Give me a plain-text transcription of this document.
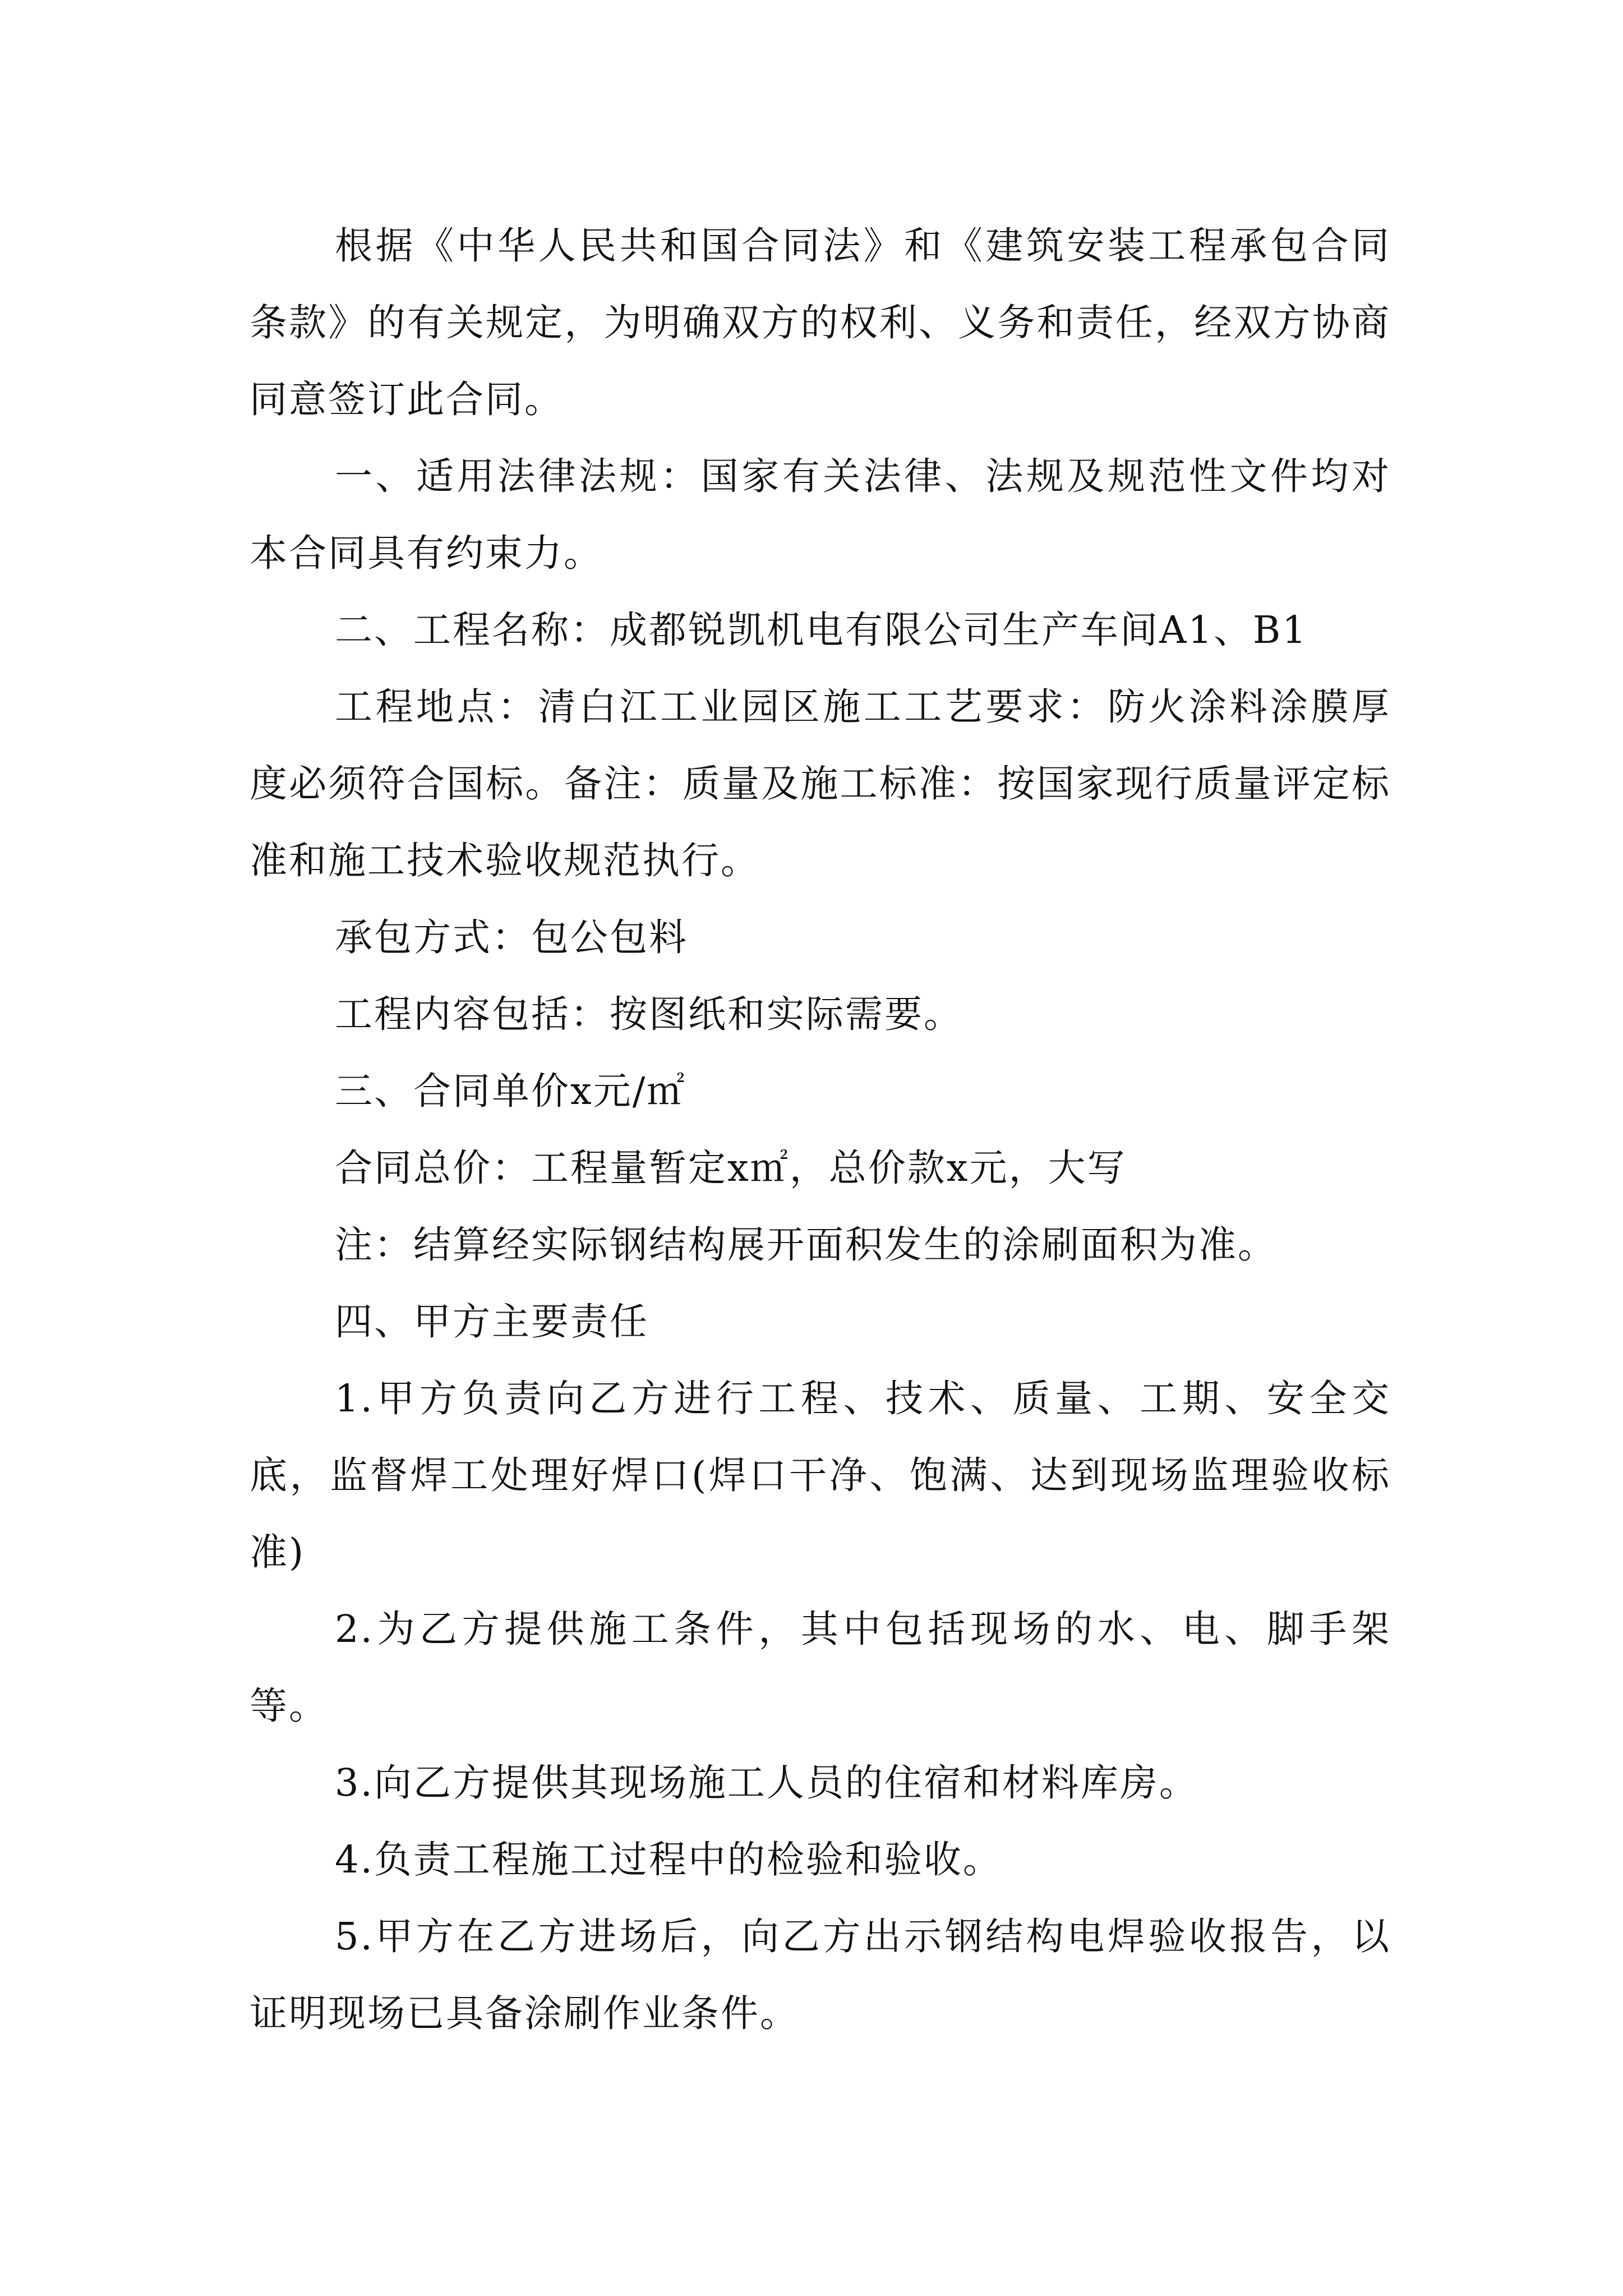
根据《中华人民共和国合同法》和《建筑安装工程承包合同条款》的有关规定，为明确双方的权利、义务和责任，经双方协商同意签订此合同。

一、适用法律法规：国家有关法律、法规及规范性文件均对本合同具有约束力。

二、工程名称：成都锐凯机电有限公司生产车间A1、B1

工程地点：清白江工业园区施工工艺要求：防火涂料涂膜厚度必须符合国标。备注：质量及施工标准：按国家现行质量评定标准和施工技术验收规范执行。

承包方式：包公包料

工程内容包括：按图纸和实际需要。

三、合同单价x元/㎡

合同总价：工程量暂定x㎡，总价款x元，大写

注：结算经实际钢结构展开面积发生的涂刷面积为准。

四、甲方主要责任

1.甲方负责向乙方进行工程、技术、质量、工期、安全交底，监督焊工处理好焊口(焊口干净、饱满、达到现场监理验收标准)

2.为乙方提供施工条件，其中包括现场的水、电、脚手架等。

3.向乙方提供其现场施工人员的住宿和材料库房。

4.负责工程施工过程中的检验和验收。

5.甲方在乙方进场后，向乙方出示钢结构电焊验收报告，以证明现场已具备涂刷作业条件。
